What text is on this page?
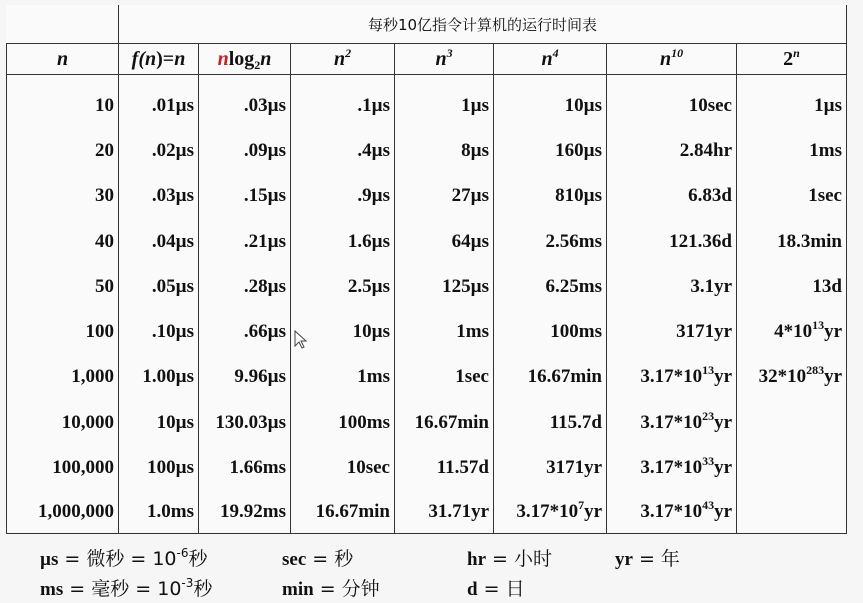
	每秒10亿指令计算机的运行时间表						
n	f(n)=n	nlog$_2$n	$n^2$	$n^3$	$n^4$	$n^{10}$	2$^n$

10	.01µs	.03µs	.1µs	1µs	10µs	10sec	1µs
20	.02µs	.09µs	.4µs	8µs	160µs	2.84hr	1ms
30	.03µs	.15µs	.9µs	27µs	810µs	6.83d	1sec
40	.04µs	.21µs	1.6µs	64µs	2.56ms	121.36d	18.3min
50	.05µs	.28µs	2.5µs	125µs	6.25ms	3.1yr	13d
100	.10µs	.66µs	10µs	1ms	100ms	3171yr	$4*10^{13}yr$
1,000	1.00µs	9.96µs	1ms	1sec	16.67min	$3.17*10^{13}yr$	$32*10^{283}yr$
10,000	10µs	130.03µs	100ms	16.67min	115.7d	$3.17*10^{23}yr$	
100,000	100µs	1.66ms	10sec	11.57d	3171yr	$3.17*10^{33}yr$	
1,000,000	1.0ms	19.92ms	16.67min	31.71yr	$3.17*10^7yr$	$3.17*10^{43}yr$	
µs = 微秒 = $10^{-6}$秒
ms = 毫秒 = $10^{-3}$秒
sec = 秒
min = 分钟
hr = 小时
d = 日
yr = 年
